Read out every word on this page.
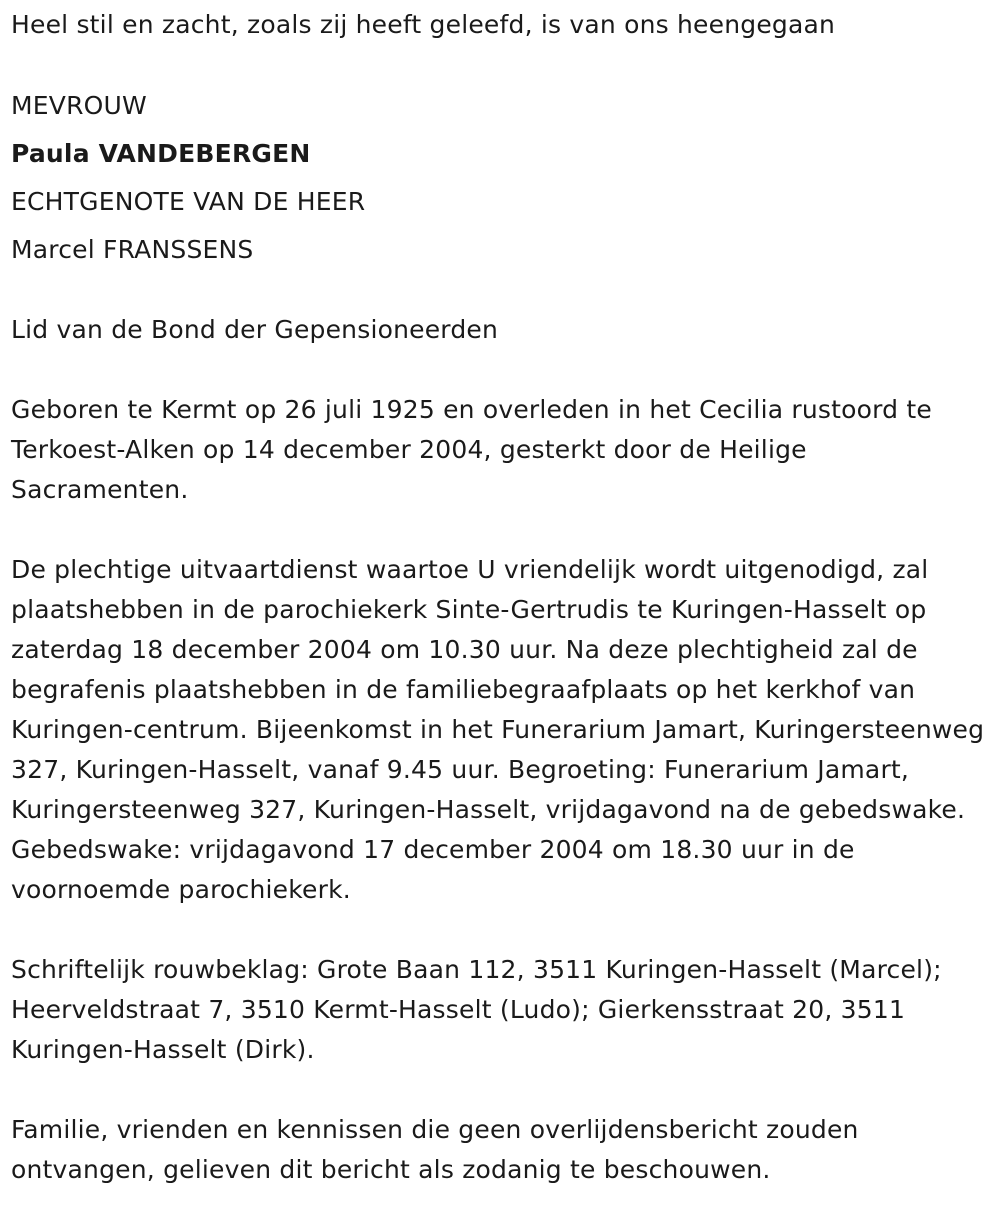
Heel stil en zacht, zoals zij heeft geleefd, is van ons heengegaan
MEVROUW
Paula VANDEBERGEN
ECHTGENOTE VAN DE HEER
Marcel FRANSSENS
Lid van de Bond der Gepensioneerden
Geboren te Kermt op 26 juli 1925 en overleden in het Cecilia rustoord te Terkoest-Alken op 14 december 2004, gesterkt door de Heilige Sacramenten.
De plechtige uitvaartdienst waartoe U vriendelijk wordt uitgenodigd, zal plaatshebben in de parochiekerk Sinte-Gertrudis te Kuringen-Hasselt op zaterdag 18 december 2004 om 10.30 uur. Na deze plechtigheid zal de begrafenis plaatshebben in de familiebegraafplaats op het kerkhof van Kuringen-centrum. Bijeenkomst in het Funerarium Jamart, Kuringersteenweg 327, Kuringen-Hasselt, vanaf 9.45 uur. Begroeting: Funerarium Jamart, Kuringersteenweg 327, Kuringen-Hasselt, vrijdagavond na de gebedswake. Gebedswake: vrijdagavond 17 december 2004 om 18.30 uur in de voornoemde parochiekerk.
Schriftelijk rouwbeklag: Grote Baan 112, 3511 Kuringen-Hasselt (Marcel); Heerveldstraat 7, 3510 Kermt-Hasselt (Ludo); Gierkensstraat 20, 3511 Kuringen-Hasselt (Dirk).
Familie, vrienden en kennissen die geen overlijdensbericht zouden ontvangen, gelieven dit bericht als zodanig te beschouwen.
